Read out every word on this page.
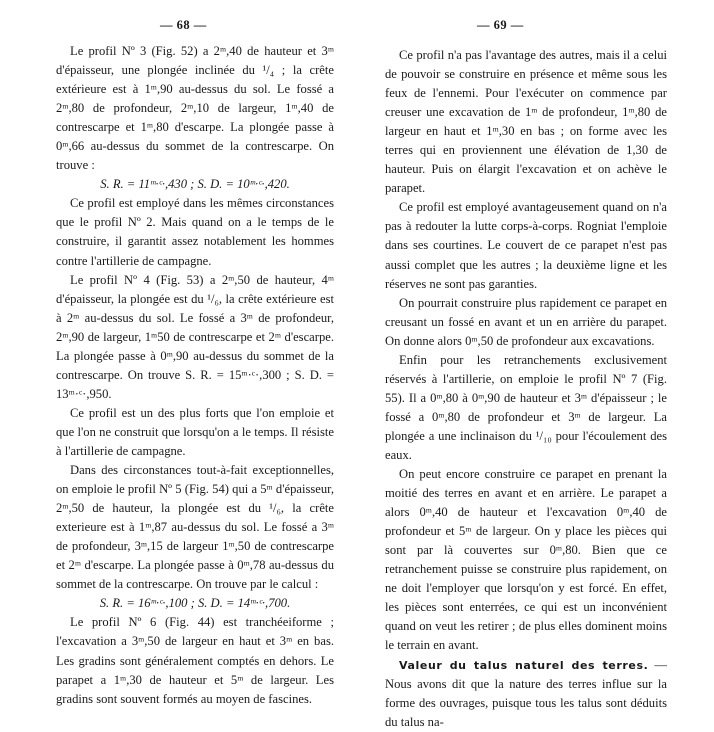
— 68 —

Le profil Nº 3 (Fig. 52) a 2ᵐ,40 de hauteur et 3ᵐ d'épaisseur, une plongée inclinée du ¹/₄ ; la crête extérieure est à 1ᵐ,90 au-dessus du sol. Le fossé a 2ᵐ,80 de profondeur, 2ᵐ,10 de largeur, 1ᵐ,40 de contrescarpe et 1ᵐ,80 d'escarpe. La plongée passe à 0ᵐ,66 au-dessus du sommet de la contrescarpe. On trouve :

S. R. = 11ᵐ·ᶜ·,430 ; S. D. = 10ᵐ·ᶜ·,420.

Ce profil est employé dans les mêmes circonstances que le profil Nº 2. Mais quand on a le temps de le construire, il garantit assez notablement les hommes contre l'artillerie de campagne.

Le profil Nº 4 (Fig. 53) a 2ᵐ,50 de hauteur, 4ᵐ d'épaisseur, la plongée est du ¹/₆, la crête extérieure est à 2ᵐ au-dessus du sol. Le fossé a 3ᵐ de profondeur, 2ᵐ,90 de largeur, 1ᵐ50 de contrescarpe et 2ᵐ d'escarpe. La plongée passe à 0ᵐ,90 au-dessus du sommet de la contrescarpe. On trouve S. R. = 15ᵐ·ᶜ·,300 ; S. D. = 13ᵐ·ᶜ·,950.

Ce profil est un des plus forts que l'on emploie et que l'on ne construit que lorsqu'on a le temps. Il résiste à l'artillerie de campagne.

Dans des circonstances tout-à-fait exceptionnelles, on emploie le profil Nº 5 (Fig. 54) qui a 5ᵐ d'épaisseur, 2ᵐ,50 de hauteur, la plongée est du ¹/₆, la crête exterieure est à 1ᵐ,87 au-dessus du sol. Le fossé a 3ᵐ de profondeur, 3ᵐ,15 de largeur 1ᵐ,50 de contrescarpe et 2ᵐ d'escarpe. La plongée passe à 0ᵐ,78 au-dessus du sommet de la contrescarpe. On trouve par le calcul :

S. R. = 16ᵐ·ᶜ·,100 ; S. D. = 14ᵐ·ᶜ·,700.

Le profil Nº 6 (Fig. 44) est tranchéeiforme ; l'excavation a 3ᵐ,50 de largeur en haut et 3ᵐ en bas. Les gradins sont généralement comptés en dehors. Le parapet a 1ᵐ,30 de hauteur et 5ᵐ de largeur. Les gradins sont souvent formés au moyen de fascines.

— 69 —

Ce profil n'a pas l'avantage des autres, mais il a celui de pouvoir se construire en présence et même sous les feux de l'ennemi. Pour l'exécuter on commence par creuser une excavation de 1ᵐ de profondeur, 1ᵐ,80 de largeur en haut et 1ᵐ,30 en bas ; on forme avec les terres qui en proviennent une élévation de 1,30 de hauteur. Puis on élargit l'excavation et on achève le parapet.

Ce profil est employé avantageusement quand on n'a pas à redouter la lutte corps-à-corps. Rogniat l'emploie dans ses courtines. Le couvert de ce parapet n'est pas aussi complet que les autres ; la deuxième ligne et les réserves ne sont pas garanties.

On pourrait construire plus rapidement ce parapet en creusant un fossé en avant et un en arrière du parapet. On donne alors 0ᵐ,50 de profondeur aux excavations.

Enfin pour les retranchements exclusivement réservés à l'artillerie, on emploie le profil Nº 7 (Fig. 55). Il a 0ᵐ,80 à 0ᵐ,90 de hauteur et 3ᵐ d'épaisseur ; le fossé a 0ᵐ,80 de profondeur et 3ᵐ de largeur. La plongée a une inclinaison du ¹/₁₀ pour l'écoulement des eaux.

On peut encore construire ce parapet en prenant la moitié des terres en avant et en arrière. Le parapet a alors 0ᵐ,40 de hauteur et l'excavation 0ᵐ,40 de profondeur et 5ᵐ de largeur. On y place les pièces qui sont par là couvertes sur 0ᵐ,80. Bien que ce retranchement puisse se construire plus rapidement, on ne doit l'employer que lorsqu'on y est forcé. En effet, les pièces sont enterrées, ce qui est un inconvénient quand on veut les retirer ; de plus elles dominent moins le terrain en avant.

Valeur du talus naturel des terres. — Nous avons dit que la nature des terres influe sur la forme des ouvrages, puisque tous les talus sont déduits du talus na-
